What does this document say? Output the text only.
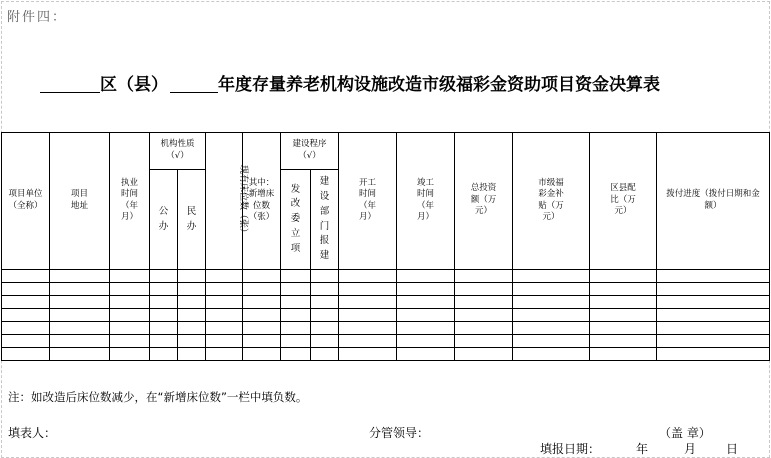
附件四：
区（县）	年度存量养老机构设施改造市级福彩金资助项目资金决算表
项目单位（全称）	项目地址	执业时间（年月）	机构性质（√）		现有床位数（张）	其中：新增床位数（张）	建设程序（√）		开工时间（年月）	竣工时间（年月）	总投资额（万元）	市级福彩金补贴（万元）	区县配比（万元）	拨付进度（拨付日期和金额）

			公办	民办			发改委立项	建设部门报建						

注：如改造后床位数减少，在“新增床位数”一栏中填负数。
填表人：	分管领导：	（盖 章）
填报日期：	年	月 日
